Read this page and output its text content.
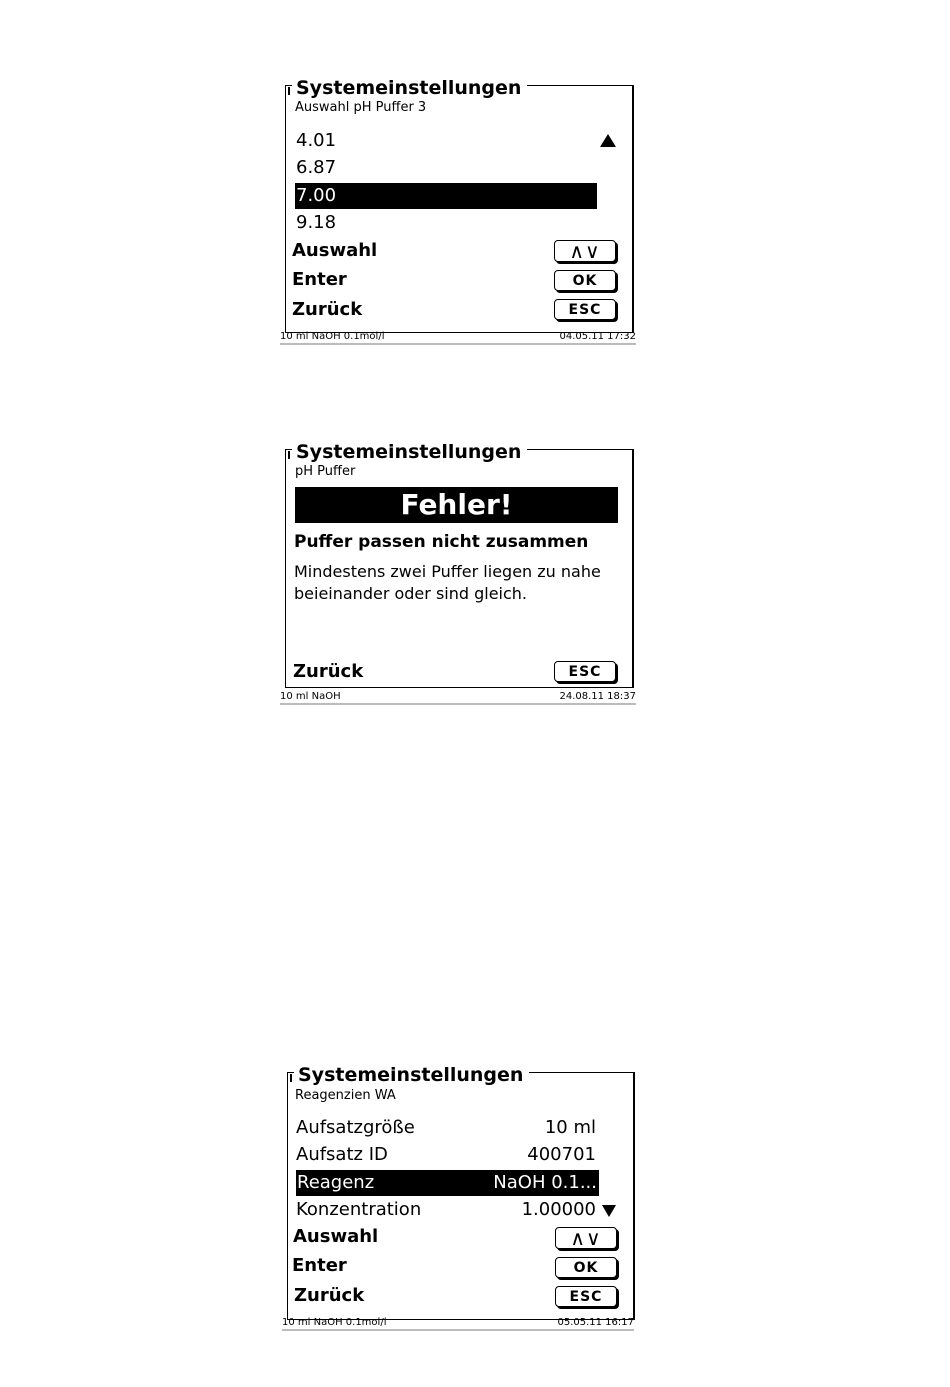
Systemeinstellungen
Auswahl pH Puffer 3
4.01
6.87
7.00
9.18
Auswahl	∧∨
Enter	OK
Zurück	ESC
10 ml NaOH 0.1mol/l	04.05.11 17:32
Systemeinstellungen
pH Puffer
Fehler!
Puffer passen nicht zusammen
Mindestens zwei Puffer liegen zu nahe beieinander oder sind gleich.
Zurück	ESC
10 ml NaOH	24.08.11 18:37
Systemeinstellungen
Reagenzien WA
Aufsatzgröße	10 ml
Aufsatz ID	400701
Reagenz	NaOH 0.1...
Konzentration	1.00000
Auswahl	∧∨
Enter	OK
Zurück	ESC
10 ml NaOH 0.1mol/l	05.05.11 16:17
